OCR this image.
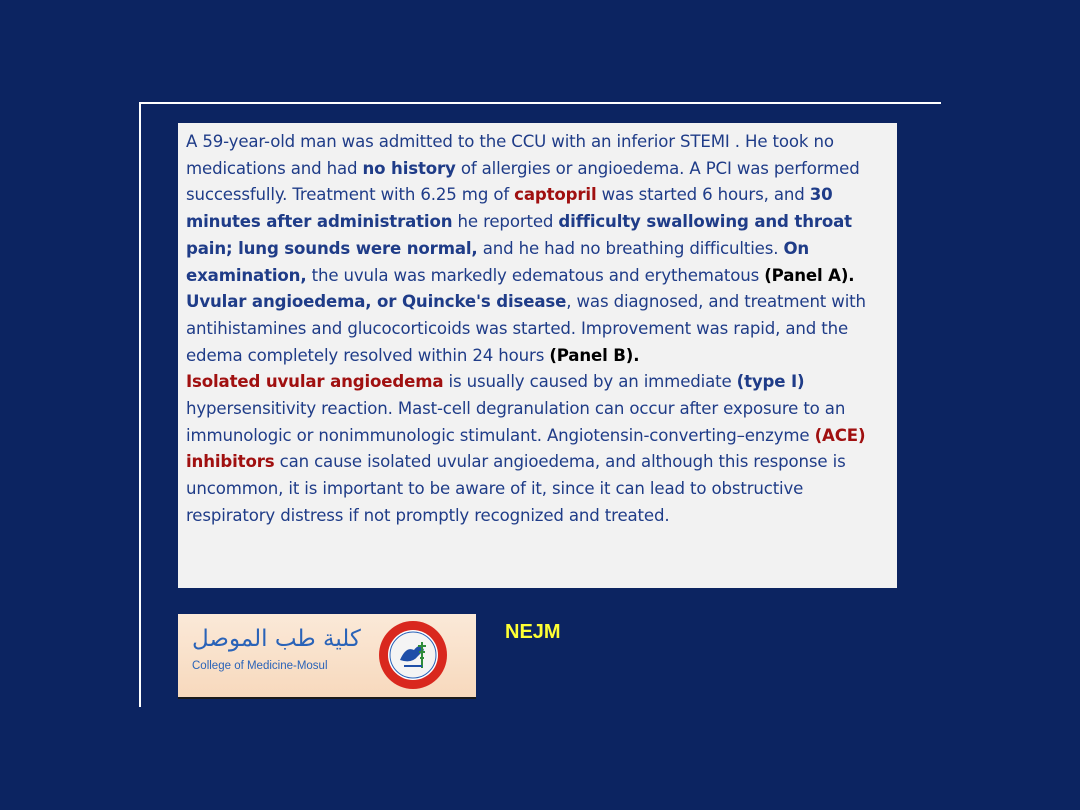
A 59-year-old man was admitted to the CCU with an inferior STEMI . He took no medications and had no history of allergies or angioedema. A PCI was performed successfully. Treatment with 6.25 mg of captopril was started 6 hours, and 30 minutes after administration he reported difficulty swallowing and throat pain; lung sounds were normal, and he had no breathing difficulties. On examination, the uvula was markedly edematous and erythematous (Panel A). Uvular angioedema, or Quincke's disease, was diagnosed, and treatment with antihistamines and glucocorticoids was started. Improvement was rapid, and the edema completely resolved within 24 hours (Panel B).

Isolated uvular angioedema is usually caused by an immediate (type I) hypersensitivity reaction. Mast-cell degranulation can occur after exposure to an immunologic or nonimmunologic stimulant. Angiotensin-converting–enzyme (ACE) inhibitors can cause isolated uvular angioedema, and although this response is uncommon, it is important to be aware of it, since it can lead to obstructive respiratory distress if not promptly recognized and treated.

كلية طب الموصل
College of Medicine-Mosul
NEJM
